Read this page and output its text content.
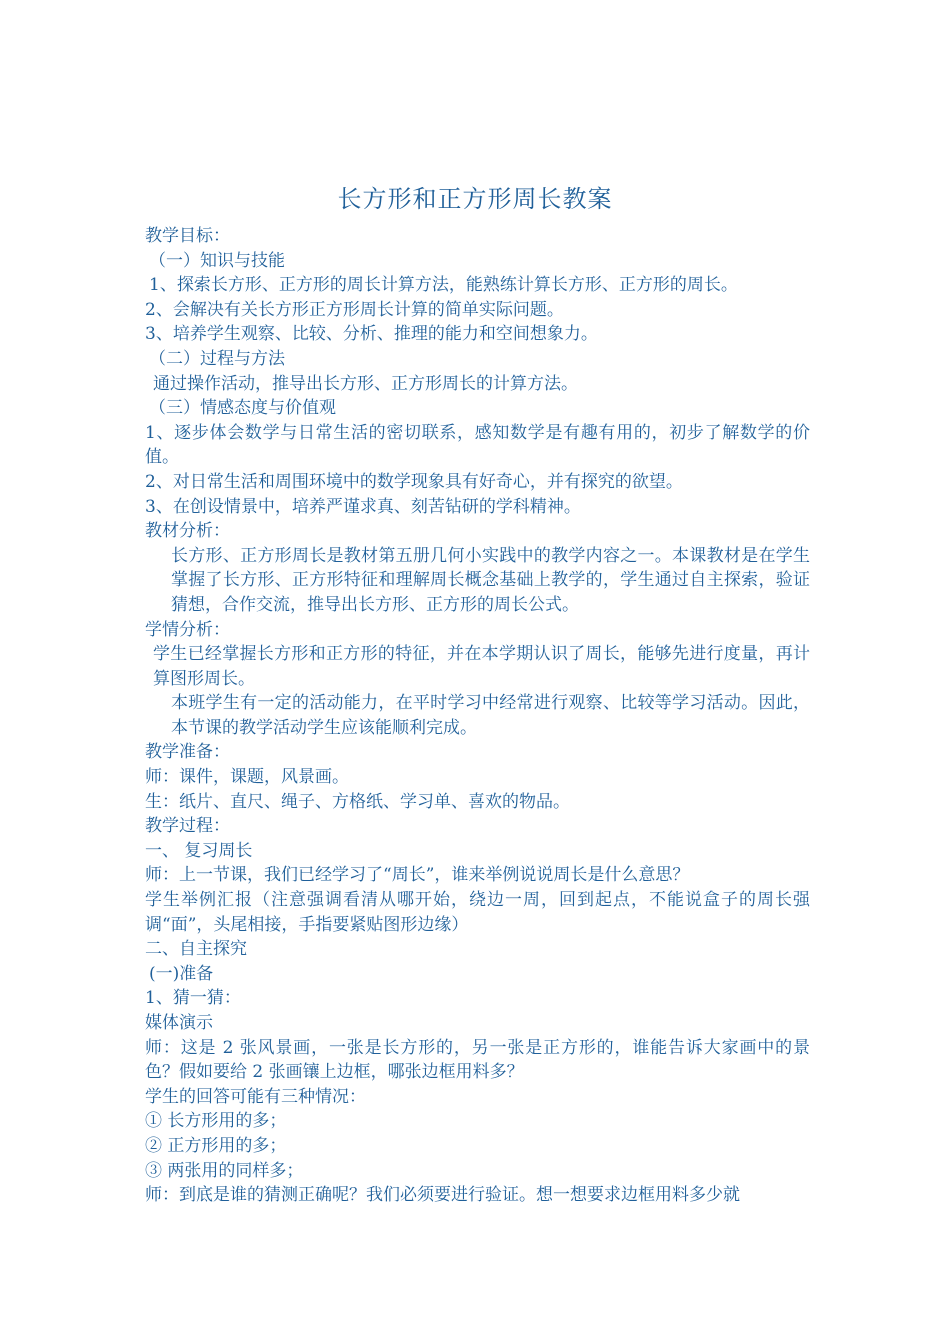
长方形和正方形周长教案

教学目标：

（一）知识与技能

1、探索长方形、正方形的周长计算方法，能熟练计算长方形、正方形的周长。

2、会解决有关长方形正方形周长计算的简单实际问题。

3、培养学生观察、比较、分析、推理的能力和空间想象力。

（二）过程与方法

通过操作活动，推导出长方形、正方形周长的计算方法。

（三）情感态度与价值观

1、逐步体会数学与日常生活的密切联系，感知数学是有趣有用的，初步了解数学的价值。

2、对日常生活和周围环境中的数学现象具有好奇心，并有探究的欲望。

3、在创设情景中，培养严谨求真、刻苦钻研的学科精神。

教材分析：

长方形、正方形周长是教材第五册几何小实践中的教学内容之一。本课教材是在学生掌握了长方形、正方形特征和理解周长概念基础上教学的，学生通过自主探索，验证猜想，合作交流，推导出长方形、正方形的周长公式。

学情分析：

学生已经掌握长方形和正方形的特征，并在本学期认识了周长，能够先进行度量，再计算图形周长。

本班学生有一定的活动能力，在平时学习中经常进行观察、比较等学习活动。因此，本节课的教学活动学生应该能顺利完成。

教学准备：

师：课件，课题，风景画。

生：纸片、直尺、绳子、方格纸、学习单、喜欢的物品。

教学过程：

一、 复习周长

师：上一节课，我们已经学习了“周长”，谁来举例说说周长是什么意思？

学生举例汇报（注意强调看清从哪开始，绕边一周，回到起点，不能说盒子的周长强调“面”，头尾相接，手指要紧贴图形边缘）

二、自主探究

(一)准备

1、猜一猜：

媒体演示

师：这是 2 张风景画，一张是长方形的，另一张是正方形的，谁能告诉大家画中的景色？假如要给 2 张画镶上边框，哪张边框用料多？

学生的回答可能有三种情况：

① 长方形用的多；

② 正方形用的多；

③ 两张用的同样多；

师：到底是谁的猜测正确呢？我们必须要进行验证。想一想要求边框用料多少就
